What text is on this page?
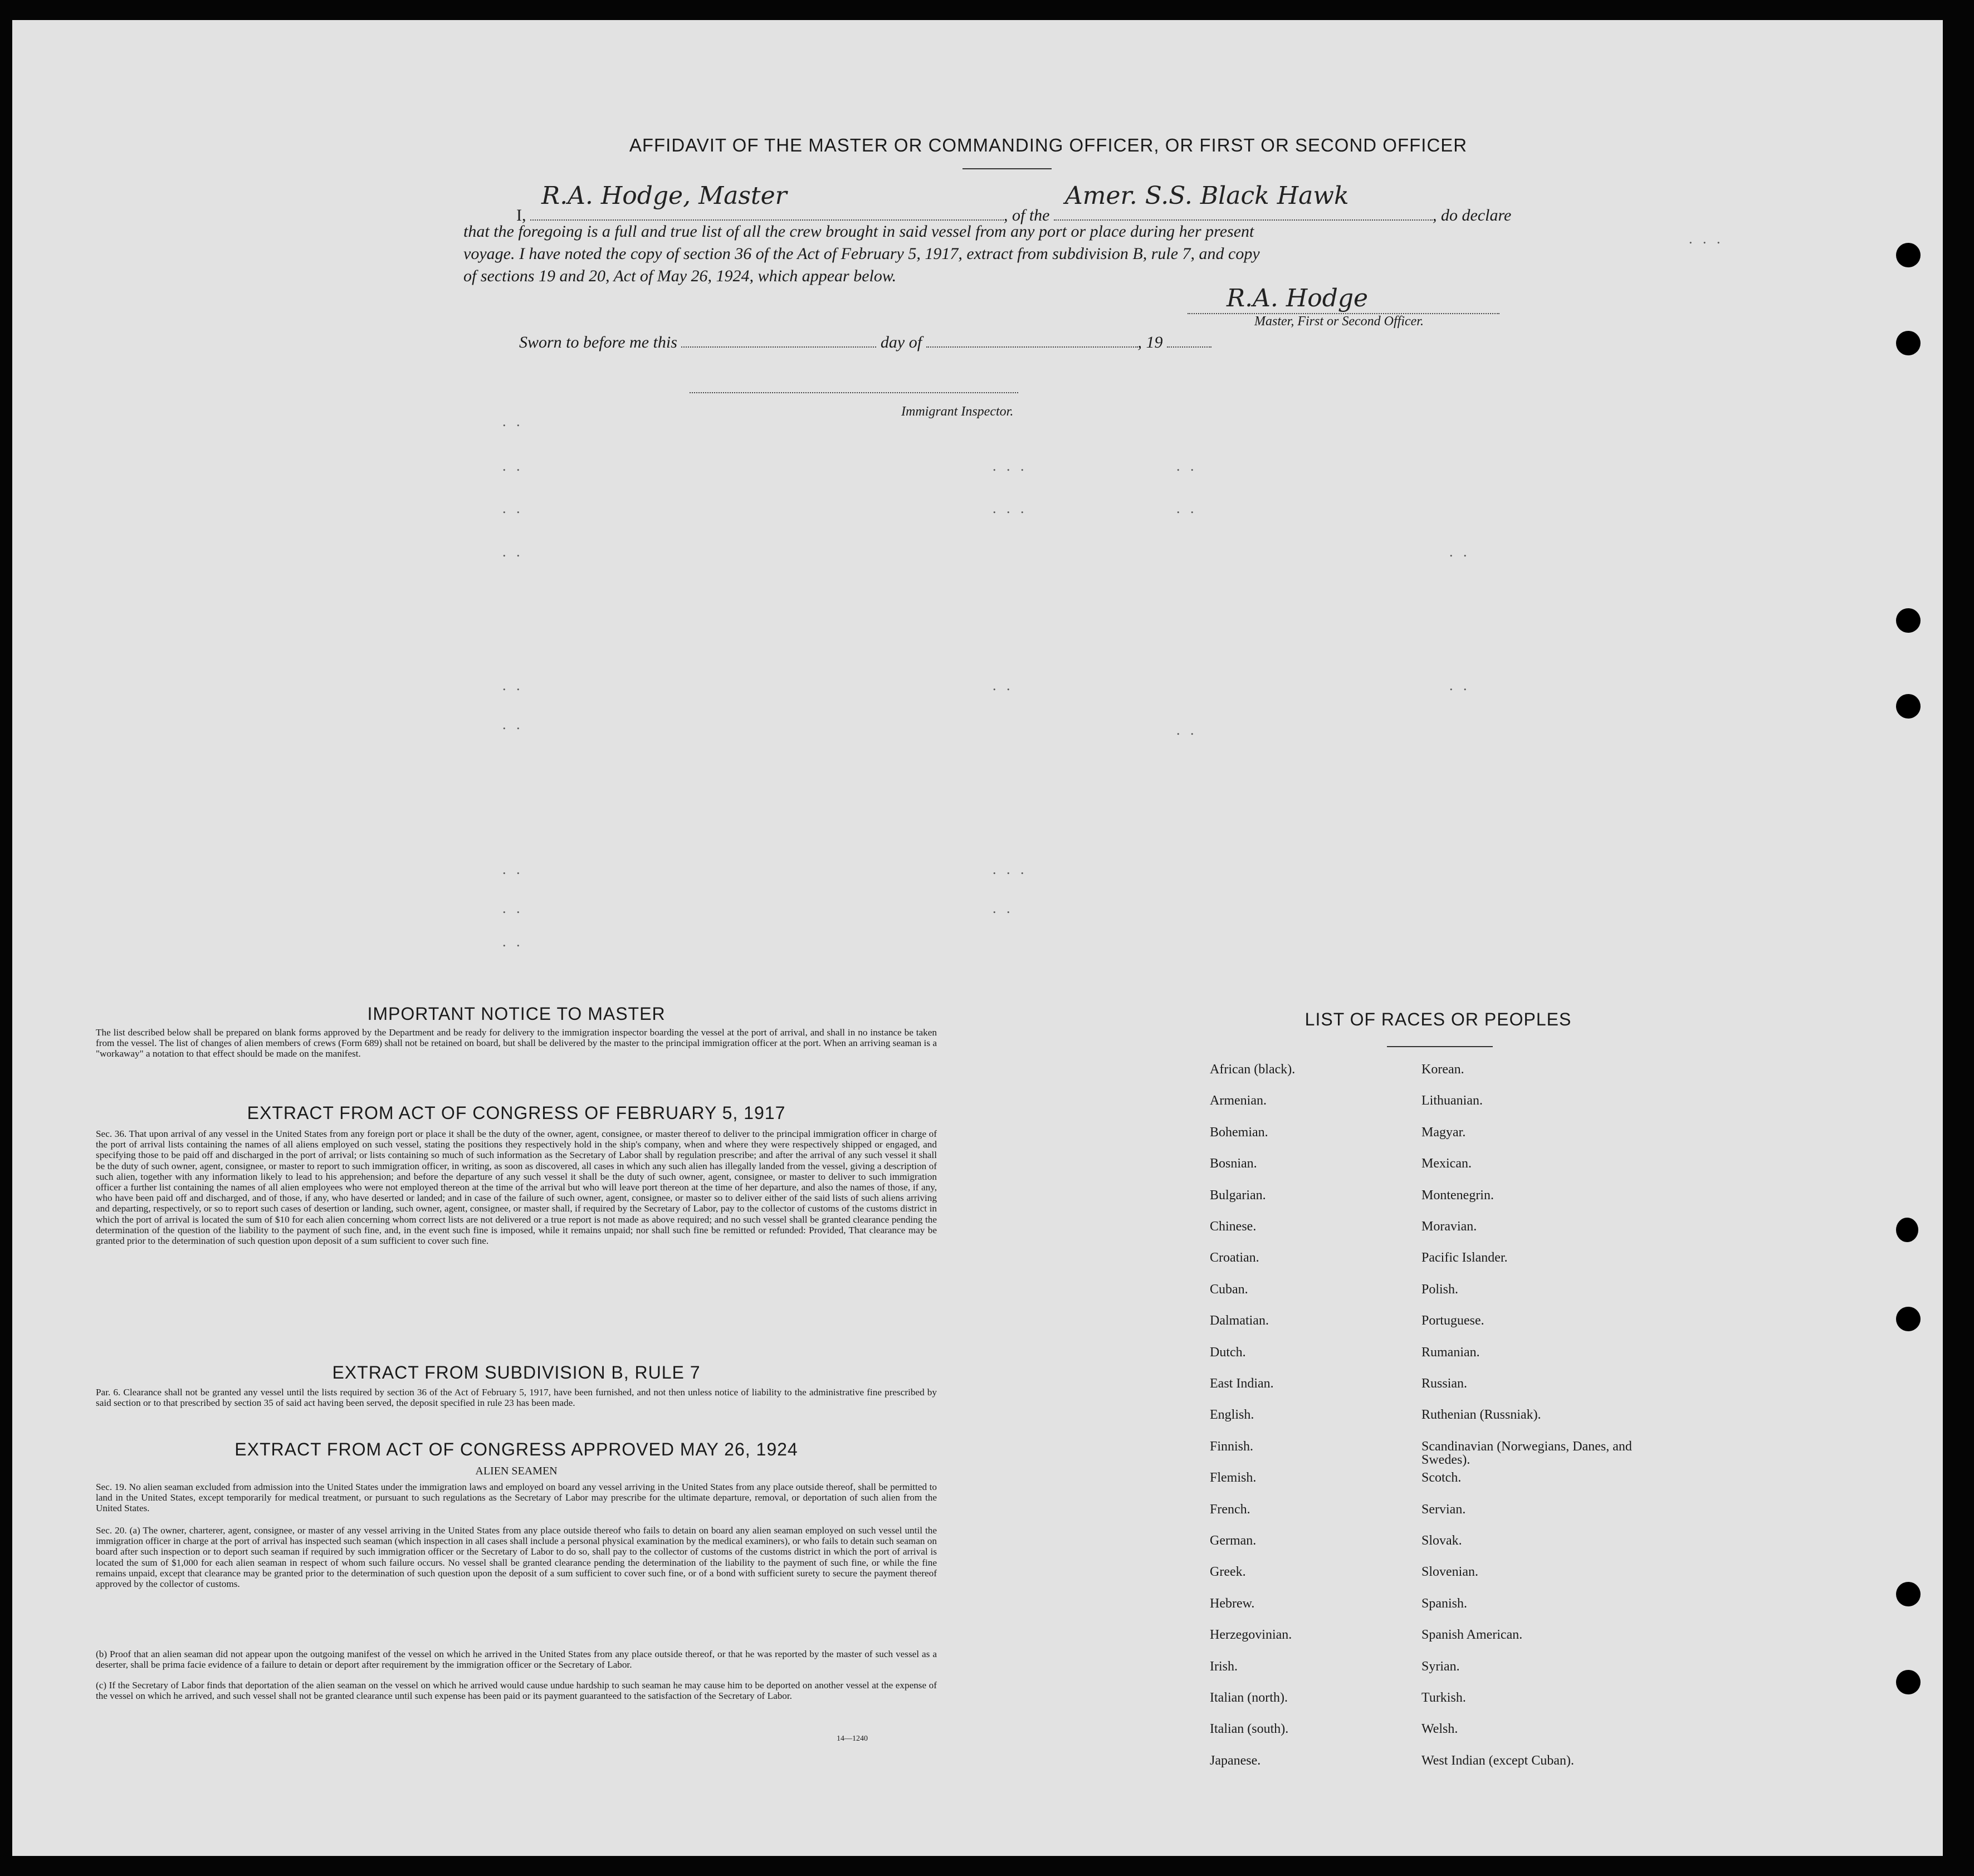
AFFIDAVIT OF THE MASTER OR COMMANDING OFFICER, OR FIRST OR SECOND OFFICER
I,
R.A. Hodge, Master
, of the
Amer. S.S. Black Hawk
, do declare
that the foregoing is a full and true list of all the crew brought in said vessel from any port or place during her present
voyage. I have noted the copy of section 36 of the Act of February 5, 1917, extract from subdivision B, rule 7, and copy
of sections 19 and 20, Act of May 26, 1924, which appear below.
R.A. Hodge
Master, First or Second Officer.
Sworn to before me this	day of	, 19
Immigrant Inspector.
. .
. .
. .
. .
. .
. .
. .
. .
. .
. . .
. . .
. .
. . .
. .
. .
. .
. .
. .
. .
. . .
IMPORTANT NOTICE TO MASTER
The list described below shall be prepared on blank forms approved by the Department and be ready for delivery to the immigration inspector boarding the vessel at the port of arrival, and shall in no instance be taken from the vessel. The list of changes of alien members of crews (Form 689) shall not be retained on board, but shall be delivered by the master to the principal immigration officer at the port. When an arriving seaman is a "workaway" a notation to that effect should be made on the manifest.
EXTRACT FROM ACT OF CONGRESS OF FEBRUARY 5, 1917
Sec. 36. That upon arrival of any vessel in the United States from any foreign port or place it shall be the duty of the owner, agent, consignee, or master thereof to deliver to the principal immigration officer in charge of the port of arrival lists containing the names of all aliens employed on such vessel, stating the positions they respectively hold in the ship's company, when and where they were respectively shipped or engaged, and specifying those to be paid off and discharged in the port of arrival; or lists containing so much of such information as the Secretary of Labor shall by regulation prescribe; and after the arrival of any such vessel it shall be the duty of such owner, agent, consignee, or master to report to such immigration officer, in writing, as soon as discovered, all cases in which any such alien has illegally landed from the vessel, giving a description of such alien, together with any information likely to lead to his apprehension; and before the departure of any such vessel it shall be the duty of such owner, agent, consignee, or master to deliver to such immigration officer a further list containing the names of all alien employees who were not employed thereon at the time of the arrival but who will leave port thereon at the time of her departure, and also the names of those, if any, who have been paid off and discharged, and of those, if any, who have deserted or landed; and in case of the failure of such owner, agent, consignee, or master so to deliver either of the said lists of such aliens arriving and departing, respectively, or so to report such cases of desertion or landing, such owner, agent, consignee, or master shall, if required by the Secretary of Labor, pay to the collector of customs of the customs district in which the port of arrival is located the sum of $10 for each alien concerning whom correct lists are not delivered or a true report is not made as above required; and no such vessel shall be granted clearance pending the determination of the question of the liability to the payment of such fine, and, in the event such fine is imposed, while it remains unpaid; nor shall such fine be remitted or refunded: Provided, That clearance may be granted prior to the determination of such question upon deposit of a sum sufficient to cover such fine.
EXTRACT FROM SUBDIVISION B, RULE 7
Par. 6. Clearance shall not be granted any vessel until the lists required by section 36 of the Act of February 5, 1917, have been furnished, and not then unless notice of liability to the administrative fine prescribed by said section or to that prescribed by section 35 of said act having been served, the deposit specified in rule 23 has been made.
EXTRACT FROM ACT OF CONGRESS APPROVED MAY 26, 1924
ALIEN SEAMEN
Sec. 19. No alien seaman excluded from admission into the United States under the immigration laws and employed on board any vessel arriving in the United States from any place outside thereof, shall be permitted to land in the United States, except temporarily for medical treatment, or pursuant to such regulations as the Secretary of Labor may prescribe for the ultimate departure, removal, or deportation of such alien from the United States.
Sec. 20. (a) The owner, charterer, agent, consignee, or master of any vessel arriving in the United States from any place outside thereof who fails to detain on board any alien seaman employed on such vessel until the immigration officer in charge at the port of arrival has inspected such seaman (which inspection in all cases shall include a personal physical examination by the medical examiners), or who fails to detain such seaman on board after such inspection or to deport such seaman if required by such immigration officer or the Secretary of Labor to do so, shall pay to the collector of customs of the customs district in which the port of arrival is located the sum of $1,000 for each alien seaman in respect of whom such failure occurs. No vessel shall be granted clearance pending the determination of the liability to the payment of such fine, or while the fine remains unpaid, except that clearance may be granted prior to the determination of such question upon the deposit of a sum sufficient to cover such fine, or of a bond with sufficient surety to secure the payment thereof approved by the collector of customs.
(b) Proof that an alien seaman did not appear upon the outgoing manifest of the vessel on which he arrived in the United States from any place outside thereof, or that he was reported by the master of such vessel as a deserter, shall be prima facie evidence of a failure to detain or deport after requirement by the immigration officer or the Secretary of Labor.
(c) If the Secretary of Labor finds that deportation of the alien seaman on the vessel on which he arrived would cause undue hardship to such seaman he may cause him to be deported on another vessel at the expense of the vessel on which he arrived, and such vessel shall not be granted clearance until such expense has been paid or its payment guaranteed to the satisfaction of the Secretary of Labor.
14—1240
LIST OF RACES OR PEOPLES
African (black).
Armenian.
Bohemian.
Bosnian.
Bulgarian.
Chinese.
Croatian.
Cuban.
Dalmatian.
Dutch.
East Indian.
English.
Finnish.
Flemish.
French.
German.
Greek.
Hebrew.
Herzegovinian.
Irish.
Italian (north).
Italian (south).
Japanese.
Korean.
Lithuanian.
Magyar.
Mexican.
Montenegrin.
Moravian.
Pacific Islander.
Polish.
Portuguese.
Rumanian.
Russian.
Ruthenian (Russniak).
Scandinavian (Norwegians, Danes, and Swedes).
Scotch.
Servian.
Slovak.
Slovenian.
Spanish.
Spanish American.
Syrian.
Turkish.
Welsh.
West Indian (except Cuban).
